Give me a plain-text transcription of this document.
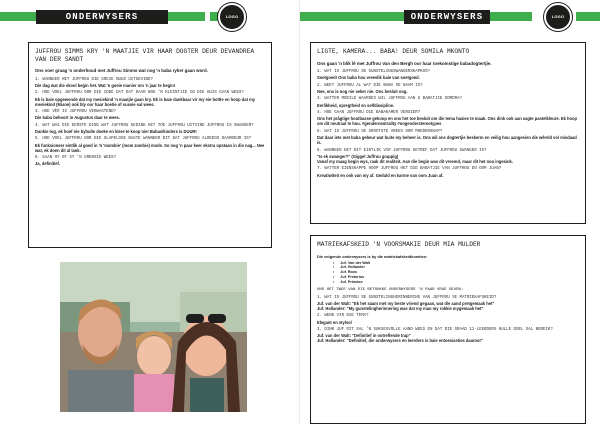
ONDERWYSERS	LOGO
JUFFROU SIMMS KRY 'N MAATJIE VIR HAAR DOGTER DEUR DEVANDREA VAN DER SANDT
Ons voer graag 'n onderhoud met Juffrou Simms wat nog 'n baba ryker gaan word.
1. WANNEER HET JUFFROU DIE GOEIE NUUS UITGEVIND?
Die dag wat die skool begin het. Wat 'n goeie manier om 'n jaar te begin!
2. HOE VOEL JUFFROU OOR DIE IDEE DAT DAT DAAR NOG 'N KLEINTJIE IN DIE HUIS GAAN WEES?
Ek is baie opgewonde dat my mesiekind 'n maatjie gaan kry. Ek is baie dankbaar vir my eie bottle en hoop dat my mesiekind (Miane) ook bly oor haar boetie of sussie sal wees.
3. HOE VÊR IS JUFFROU VERWAGTEND?
Die baba behoort in Augustus daar te wees.
4. WAT WAS DIE EERSTE DING WAT JUFFROU GEDINK HET TOE JUFFROU UITVIND JUFFROU IS SWANGER?
Dankie tog, ek hoef nie byhulle doeke en klere te koop nie! Babas/kinders is DUUR!
5. HOE VOEL JUFFROU OOR DIE SLAPELOSE NAGTE WANNEER DIT DAT JUFFROU ALREEDS DAARDEUR IS?
Ek funksioneer eintlik al goed in 'n 'mombie' (mom zombie) mode. So nog 'n paar keer ekstra opstaan in die nag... Nee wat, ek doen dit al lank.
6. GAAN HY OF SY 'N GRENSIE WEES?
Ja, definitief.
ONDERWYSERS	LOGO
LIGTE, KAMERA... BABA! DEUR SOMILA MKONTO
Ons gaan 'n blik lê met Juffrou Van den Bergh oor haar toekomstige babadogtertjie.
1. WAT IS JUFFROU SE GUNSTELINGSWANGERSKAPKOS?
Soetgoed! Ons baba hou vreeslik baie van soetgoed.
2. WEET JUFFROU AL WAT DIE BABA SE NAAM IS?
Nee, ons is nog nie seker nie. Ons besluit nog.
3. WATTER MOEILE WAARDES WIL JUFFROU AAN U BABATJIE OORDRA?
Eerlikheid, opregtheid en selfdissipline.
4. HOE GAAN JUFFROU DIE BABAKAMER VERSIER?
Ons het prågtige houtbasse gekoop en ons het toe besluit om die tema hasies te maak. Ons dink ook aan sagte pastelkleure. Ek hoop om dit neutraal te hou. #genderneutrality #nogenderstereotypes
5. WAT IS JUFFROU SE GROOTSTE VREES OOR MOEDERSKAP?
Dat daar iets met baba gebeur wat buite my beheer is. Ons wil ons dogtertjie beskerm en veilig hou aangesien die wêreld vol misdaad is.
6. WANNEER HET DIT EINTLIK VIR JUFFROU GETREF DAT JUFFROU SWANGER IS?
"Is ek swanger?" (Giggel Juffrou grappig)
Vanaf my maag begin wys, raak dit realiteit. Aan die begin was dit vreemd, maar dit het nou ingesink.
7. WATTER EIENSKAPPE HOOP JUFFROU HET DIE BABATJIE VAN JUFFROU EN OOM JUAN?
Kreatiwiteit en ook van my af. Geduld en karme van oom Juan af.
MATRIEKAFSKEID 'N VOORSMAKIE DEUR MIA MULDER
Die volgende onderwysers is by die matriekafskeidkomitee:
• Juf. Van der Walt
• Juf. Hollander
• Juf. Roos
• Juf. Pretorius
• Juf. Prinsloo
ONS HET TWEE VAN DIE BETROKKE ONDERWYSERS 'N PAAR VRAE GEVRA:
1. WAT IS JUFFROU SE GUNSTELINGHERINNERING VAN JUFFROU SE MATRIEKAFSKEID?
Juf. van der Walt: "Ek het saam met my beste vriend gegaan, wat die aand pretgemaak het"
Juf. Hollander: "My gunstelingherinnering was dat my man my rokkie mygemaak het"
2. WENK VIR DIE TEMA?
Elegant en stylvol
3. DINK JUF DIT SAL 'N SUKSESVOLLE AAND WEES EN DAT DIE GRAAD 11-LEERDERS HULLE DOEL SAL BEREIK?
Juf. van der Walt: "Definitief in ootreflende trap"
Juf. Hollander: "Definitief, die onderwysers en leerders is baie entoesiasties daaroor"
